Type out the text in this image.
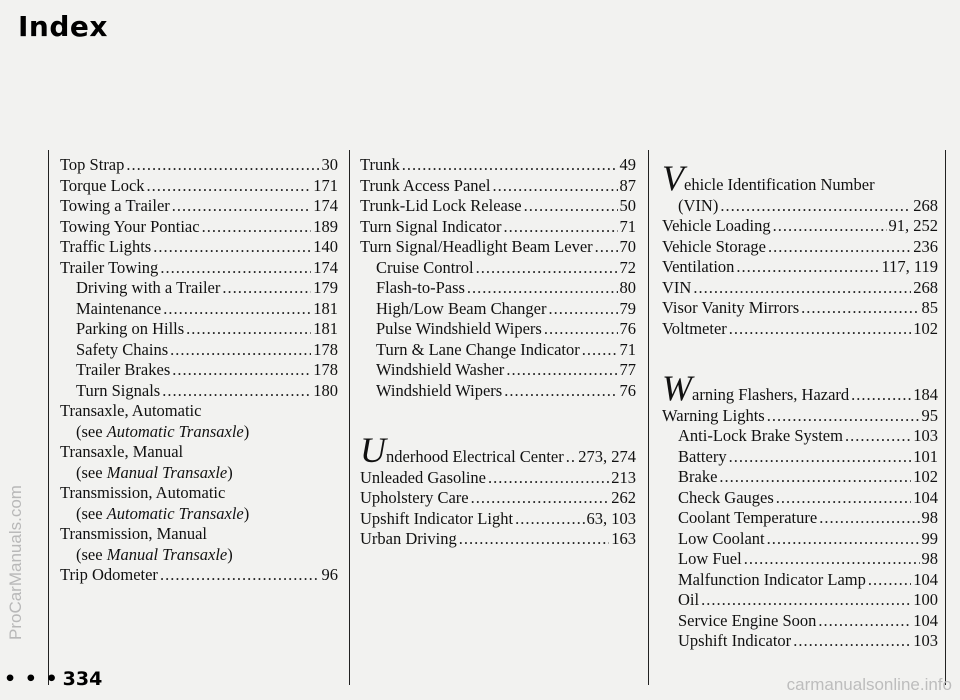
Index
ProCarManuals.com
Top Strap .....	30
Torque Lock .....	171
Towing a Trailer .....	174
Towing Your Pontiac .....	189
Traffic Lights .....	140
Trailer Towing .....	174
Driving with a Trailer .....	179
Maintenance .....	181
Parking on Hills .....	181
Safety Chains .....	178
Trailer Brakes .....	178
Turn Signals .....	180
Transaxle, Automatic
(see Automatic Transaxle)
Transaxle, Manual
(see Manual Transaxle)
Transmission, Automatic
(see Automatic Transaxle)
Transmission, Manual
(see Manual Transaxle)
Trip Odometer .....	96
Trunk .....	49
Trunk Access Panel .....	87
Trunk-Lid Lock Release .....	50
Turn Signal Indicator .....	71
Turn Signal/Headlight Beam Lever ..... 70
Cruise Control .....	72
Flash-to-Pass .....	80
High/Low Beam Changer .....	79
Pulse Windshield Wipers .....	76
Turn & Lane Change Indicator ..... 71
Windshield Washer .....	77
Windshield Wipers .....	76
Underhood Electrical Center ..... 273, 274
Unleaded Gasoline .....	213
Upholstery Care .....	262
Upshift Indicator Light .....	63, 103
Urban Driving .....	163
Vehicle Identification Number
(VIN) .....	268
Vehicle Loading .....	91, 252
Vehicle Storage .....	236
Ventilation .....	117, 119
VIN .....	268
Visor Vanity Mirrors .....	85
Voltmeter .....	102
Warning Flashers, Hazard .....	184
Warning Lights .....	95
Anti-Lock Brake System .....	103
Battery .....	101
Brake .....	102
Check Gauges .....	104
Coolant Temperature .....	98
Low Coolant .....	99
Low Fuel .....	98
Malfunction Indicator Lamp .....	104
Oil .....	100
Service Engine Soon .....	104
Upshift Indicator .....	103
• • • 334	carmanualsonline.info
